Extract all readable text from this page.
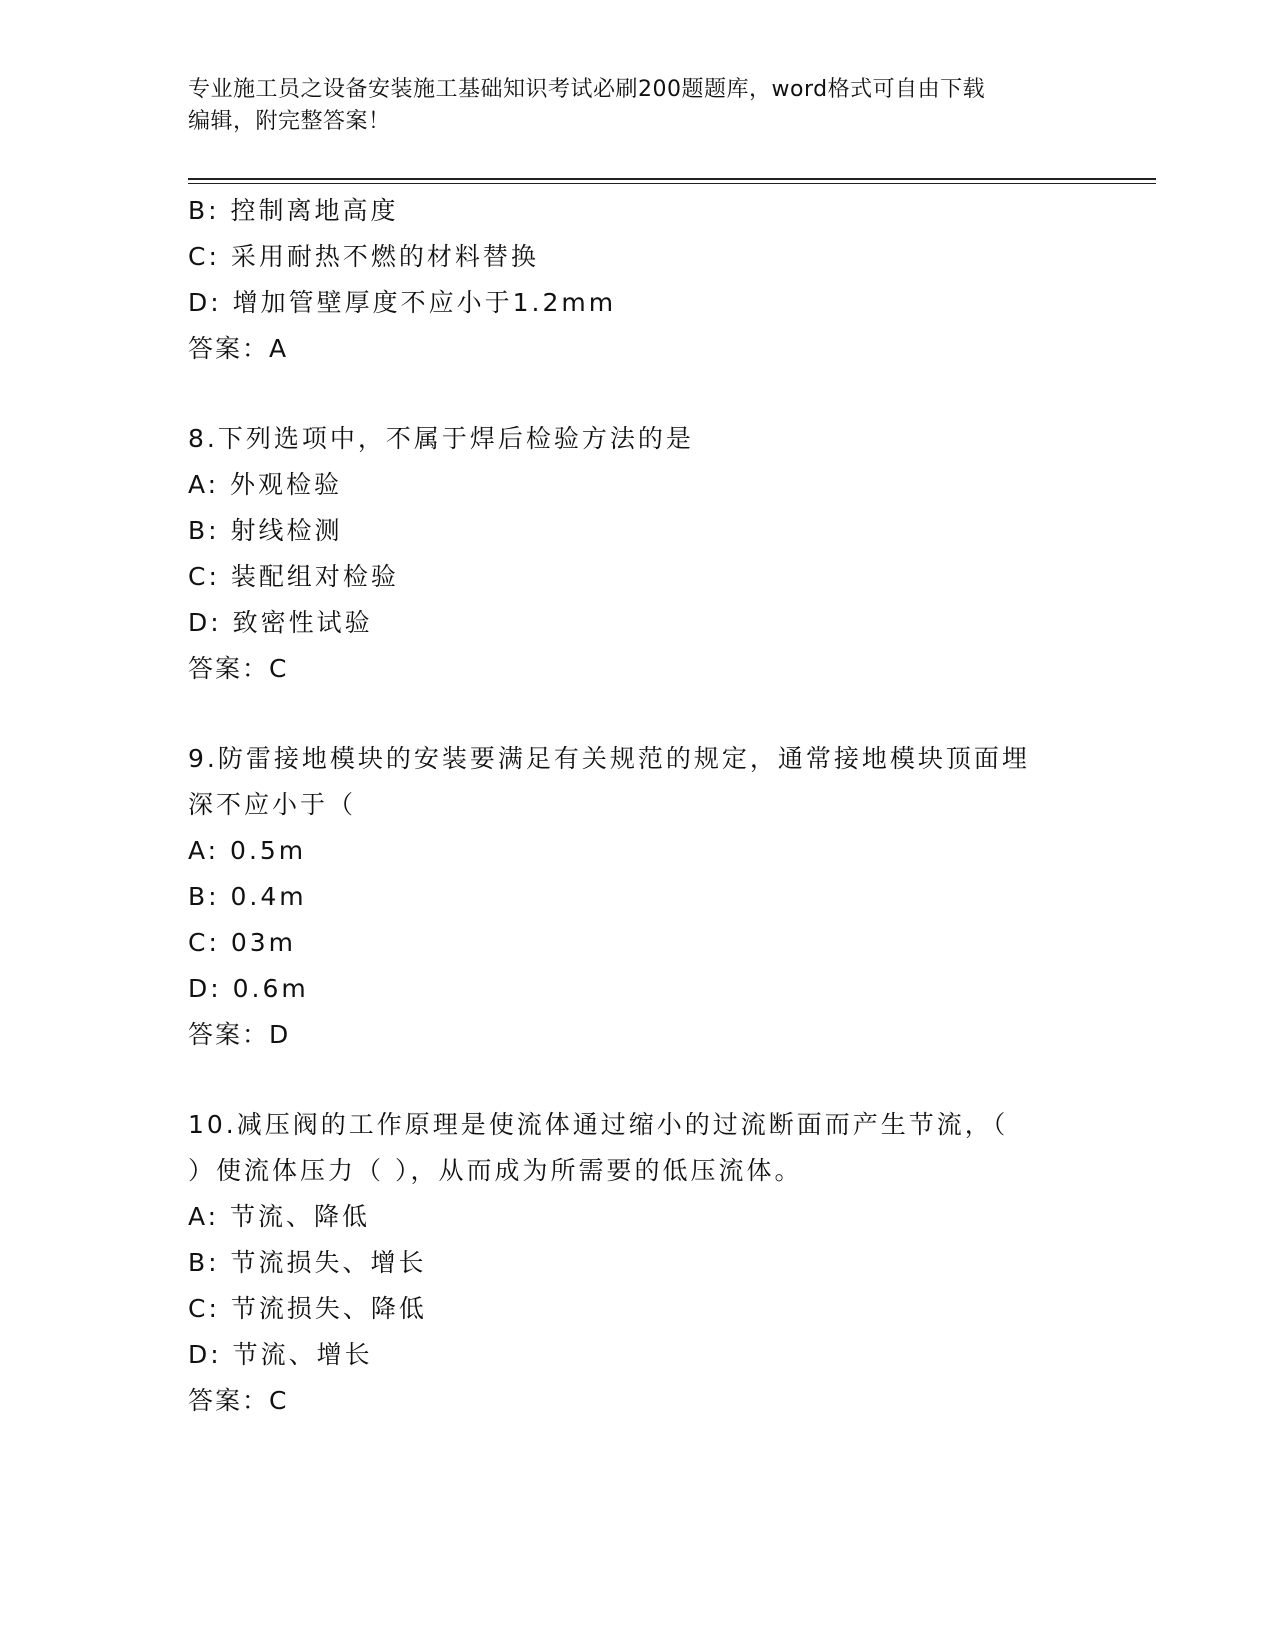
专业施工员之设备安装施工基础知识考试必刷200题题库，word格式可自由下载
编辑，附完整答案！
B: 控制离地高度
C: 采用耐热不燃的材料替换
D: 增加管壁厚度不应小于1.2mm
答案：A
8.下列选项中，不属于焊后检验方法的是
A: 外观检验
B: 射线检测
C: 装配组对检验
D: 致密性试验
答案：C
9.防雷接地模块的安装要满足有关规范的规定，通常接地模块顶面埋
深不应小于（
A: 0.5m
B: 0.4m
C: 03m
D: 0.6m
答案：D
10.减压阀的工作原理是使流体通过缩小的过流断面而产生节流，（
）使流体压力（ ），从而成为所需要的低压流体。
A: 节流、降低
B: 节流损失、增长
C: 节流损失、降低
D: 节流、增长
答案：C
